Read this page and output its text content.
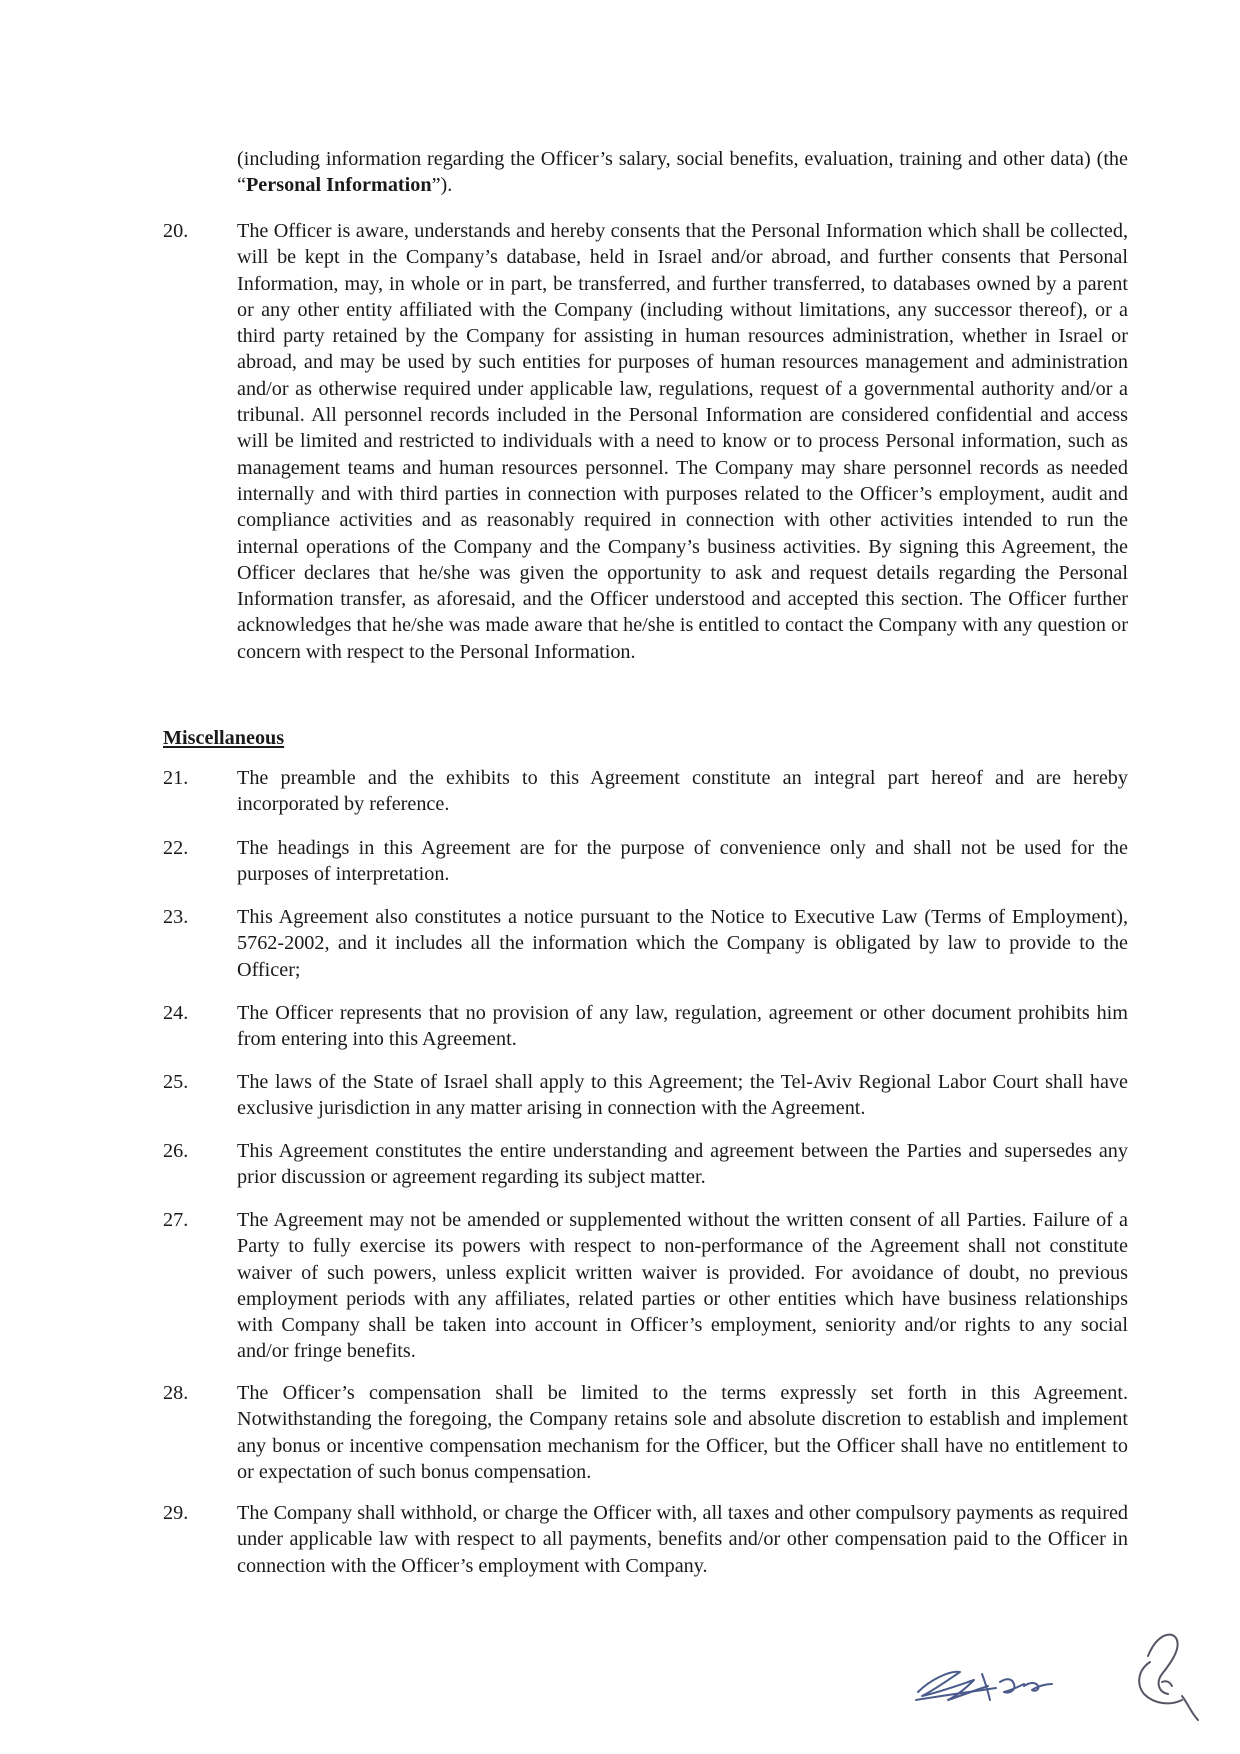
(including information regarding the Officer’s salary, social benefits, evaluation, training and other data) (the “Personal Information”).
20.	The Officer is aware, understands and hereby consents that the Personal Information which shall be collected, will be kept in the Company’s database, held in Israel and/or abroad, and further consents that Personal Information, may, in whole or in part, be transferred, and further transferred, to databases owned by a parent or any other entity affiliated with the Company (including without limitations, any successor thereof), or a third party retained by the Company for assisting in human resources administration, whether in Israel or abroad, and may be used by such entities for purposes of human resources management and administration and/or as otherwise required under applicable law, regulations, request of a governmental authority and/or a tribunal. All personnel records included in the Personal Information are considered confidential and access will be limited and restricted to individuals with a need to know or to process Personal information, such as management teams and human resources personnel. The Company may share personnel records as needed internally and with third parties in connection with purposes related to the Officer’s employment, audit and compliance activities and as reasonably required in connection with other activities intended to run the internal operations of the Company and the Company’s business activities. By signing this Agreement, the Officer declares that he/she was given the opportunity to ask and request details regarding the Personal Information transfer, as aforesaid, and the Officer understood and accepted this section. The Officer further acknowledges that he/she was made aware that he/she is entitled to contact the Company with any question or concern with respect to the Personal Information.
Miscellaneous
21.	The preamble and the exhibits to this Agreement constitute an integral part hereof and are hereby incorporated by reference.
22.	The headings in this Agreement are for the purpose of convenience only and shall not be used for the purposes of interpretation.
23.	This Agreement also constitutes a notice pursuant to the Notice to Executive Law (Terms of Employment), 5762-2002, and it includes all the information which the Company is obligated by law to provide to the Officer;
24.	The Officer represents that no provision of any law, regulation, agreement or other document prohibits him from entering into this Agreement.
25.	The laws of the State of Israel shall apply to this Agreement; the Tel-Aviv Regional Labor Court shall have exclusive jurisdiction in any matter arising in connection with the Agreement.
26.	This Agreement constitutes the entire understanding and agreement between the Parties and supersedes any prior discussion or agreement regarding its subject matter.
27.	The Agreement may not be amended or supplemented without the written consent of all Parties. Failure of a Party to fully exercise its powers with respect to non-performance of the Agreement shall not constitute waiver of such powers, unless explicit written waiver is provided. For avoidance of doubt, no previous employment periods with any affiliates, related parties or other entities which have business relationships with Company shall be taken into account in Officer’s employment, seniority and/or rights to any social and/or fringe benefits.
28.	The Officer’s compensation shall be limited to the terms expressly set forth in this Agreement. Notwithstanding the foregoing, the Company retains sole and absolute discretion to establish and implement any bonus or incentive compensation mechanism for the Officer, but the Officer shall have no entitlement to or expectation of such bonus compensation.
29.	The Company shall withhold, or charge the Officer with, all taxes and other compulsory payments as required under applicable law with respect to all payments, benefits and/or other compensation paid to the Officer in connection with the Officer’s employment with Company.
